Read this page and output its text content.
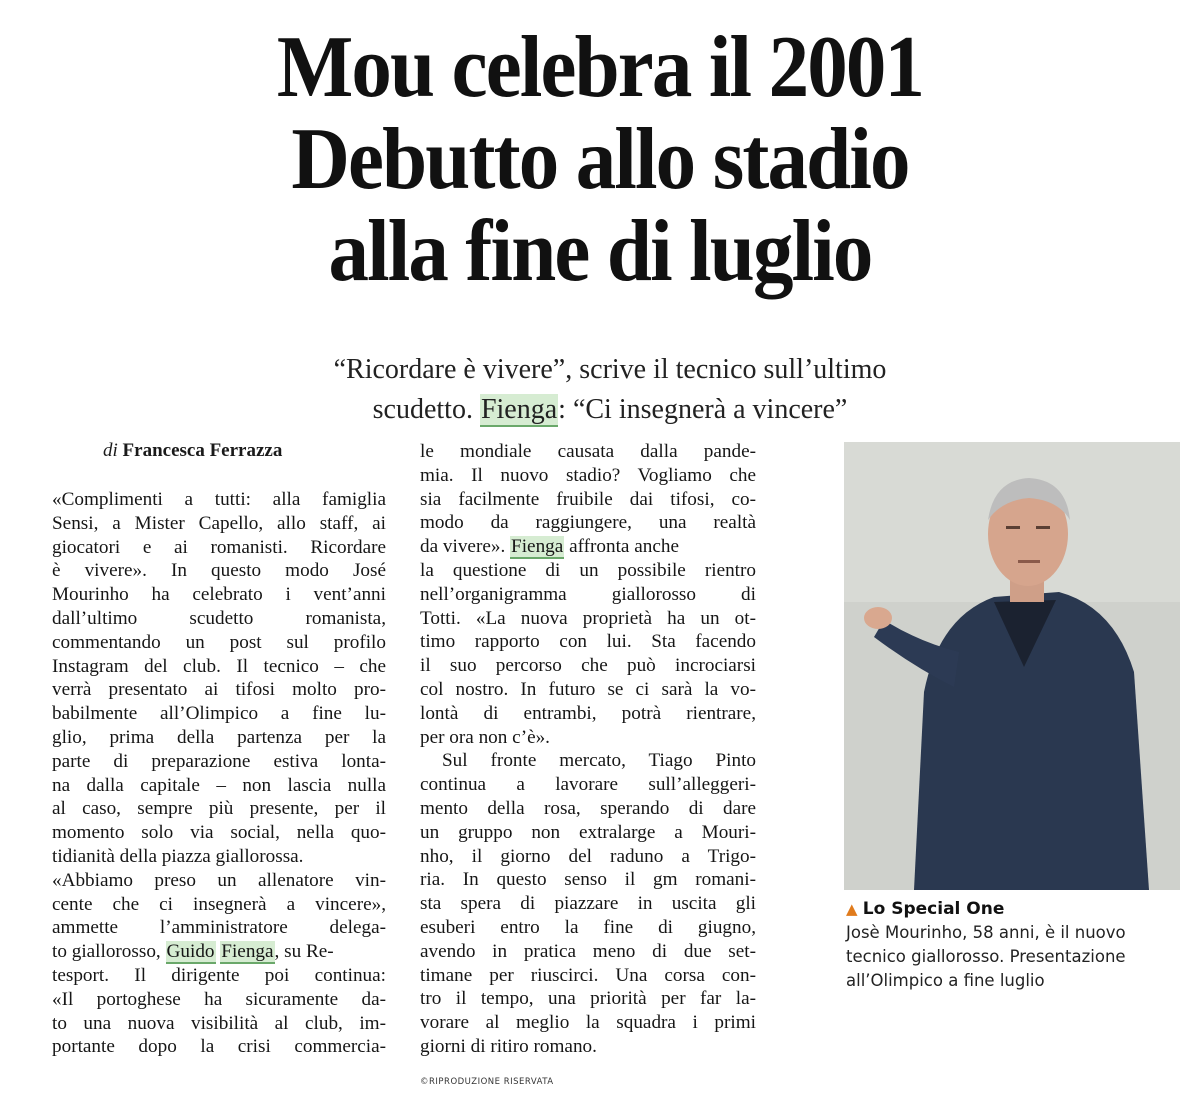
Mou celebra il 2001
Debutto allo stadio
alla fine di luglio
“Ricordare è vivere”, scrive il tecnico sull’ultimo
scudetto. Fienga: “Ci insegnerà a vincere”
di Francesca Ferrazza
«Complimenti a tutti: alla famiglia
Sensi, a Mister Capello, allo staff, ai
giocatori e ai romanisti. Ricordare
è vivere». In questo modo José
Mourinho ha celebrato i vent’anni
dall’ultimo scudetto romanista,
commentando un post sul profilo
Instagram del club. Il tecnico – che
verrà presentato ai tifosi molto pro-
babilmente all’Olimpico a fine lu-
glio, prima della partenza per la
parte di preparazione estiva lonta-
na dalla capitale – non lascia nulla
al caso, sempre più presente, per il
momento solo via social, nella quo-
tidianità della piazza giallorossa.
«Abbiamo preso un allenatore vin-
cente che ci insegnerà a vincere»,
ammette l’amministratore delega-
to giallorosso, Guido Fienga, su Re-
tesport. Il dirigente poi continua:
«Il portoghese ha sicuramente da-
to una nuova visibilità al club, im-
portante dopo la crisi commercia-
le mondiale causata dalla pande-
mia. Il nuovo stadio? Vogliamo che
sia facilmente fruibile dai tifosi, co-
modo da raggiungere, una realtà
da vivere». Fienga affronta anche
la questione di un possibile rientro
nell’organigramma giallorosso di
Totti. «La nuova proprietà ha un ot-
timo rapporto con lui. Sta facendo
il suo percorso che può incrociarsi
col nostro. In futuro se ci sarà la vo-
lontà di entrambi, potrà rientrare,
per ora non c’è».
Sul fronte mercato, Tiago Pinto
continua a lavorare sull’alleggeri-
mento della rosa, sperando di dare
un gruppo non extralarge a Mouri-
nho, il giorno del raduno a Trigo-
ria. In questo senso il gm romani-
sta spera di piazzare in uscita gli
esuberi entro la fine di giugno,
avendo in pratica meno di due set-
timane per riuscirci. Una corsa con-
tro il tempo, una priorità per far la-
vorare al meglio la squadra i primi
giorni di ritiro romano.
©RIPRODUZIONE RISERVATA
▲ Lo Special One
Josè Mourinho, 58 anni, è il nuovo
tecnico giallorosso. Presentazione
all’Olimpico a fine luglio
